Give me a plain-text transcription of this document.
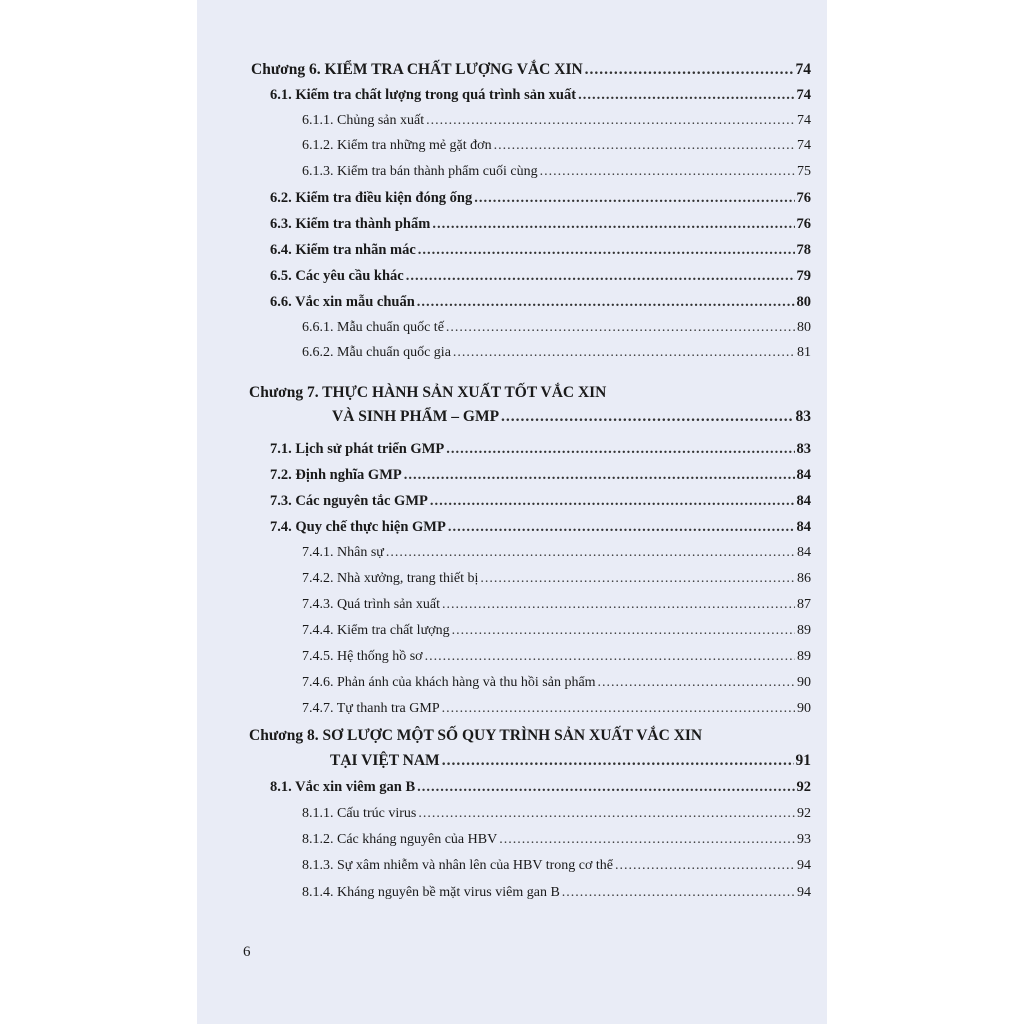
Chương 6. KIỂM TRA CHẤT LƯỢNG VẮC XIN .....	74
6.1. Kiểm tra chất lượng trong quá trình sản xuất .....	74
6.1.1. Chủng sản xuất .....	74
6.1.2. Kiểm tra những mẻ gặt đơn .....	74
6.1.3. Kiểm tra bán thành phẩm cuối cùng .....	75
6.2. Kiểm tra điều kiện đóng ống .....	76
6.3. Kiểm tra thành phẩm .....	76
6.4. Kiểm tra nhãn mác .....	78
6.5. Các yêu cầu khác .....	79
6.6. Vắc xin mẫu chuẩn .....	80
6.6.1. Mẫu chuẩn quốc tế .....	80
6.6.2. Mẫu chuẩn quốc gia .....	81
Chương 7. THỰC HÀNH SẢN XUẤT TỐT VẮC XIN
VÀ SINH PHẨM – GMP .....	83
7.1. Lịch sử phát triển GMP .....	83
7.2. Định nghĩa GMP .....	84
7.3. Các nguyên tắc GMP .....	84
7.4. Quy chế thực hiện GMP .....	84
7.4.1. Nhân sự .....	84
7.4.2. Nhà xưởng, trang thiết bị .....	86
7.4.3. Quá trình sản xuất .....	87
7.4.4. Kiểm tra chất lượng .....	89
7.4.5. Hệ thống hồ sơ .....	89
7.4.6. Phản ánh của khách hàng và thu hồi sản phẩm .....	90
7.4.7. Tự thanh tra GMP .....	90
Chương 8. SƠ LƯỢC MỘT SỐ QUY TRÌNH SẢN XUẤT VẮC XIN
TẠI VIỆT NAM .....	91
8.1. Vắc xin viêm gan B .....	92
8.1.1. Cấu trúc virus .....	92
8.1.2. Các kháng nguyên của HBV .....	93
8.1.3. Sự xâm nhiễm và nhân lên của HBV trong cơ thể .....	94
8.1.4. Kháng nguyên bề mặt virus viêm gan B .....	94
6
